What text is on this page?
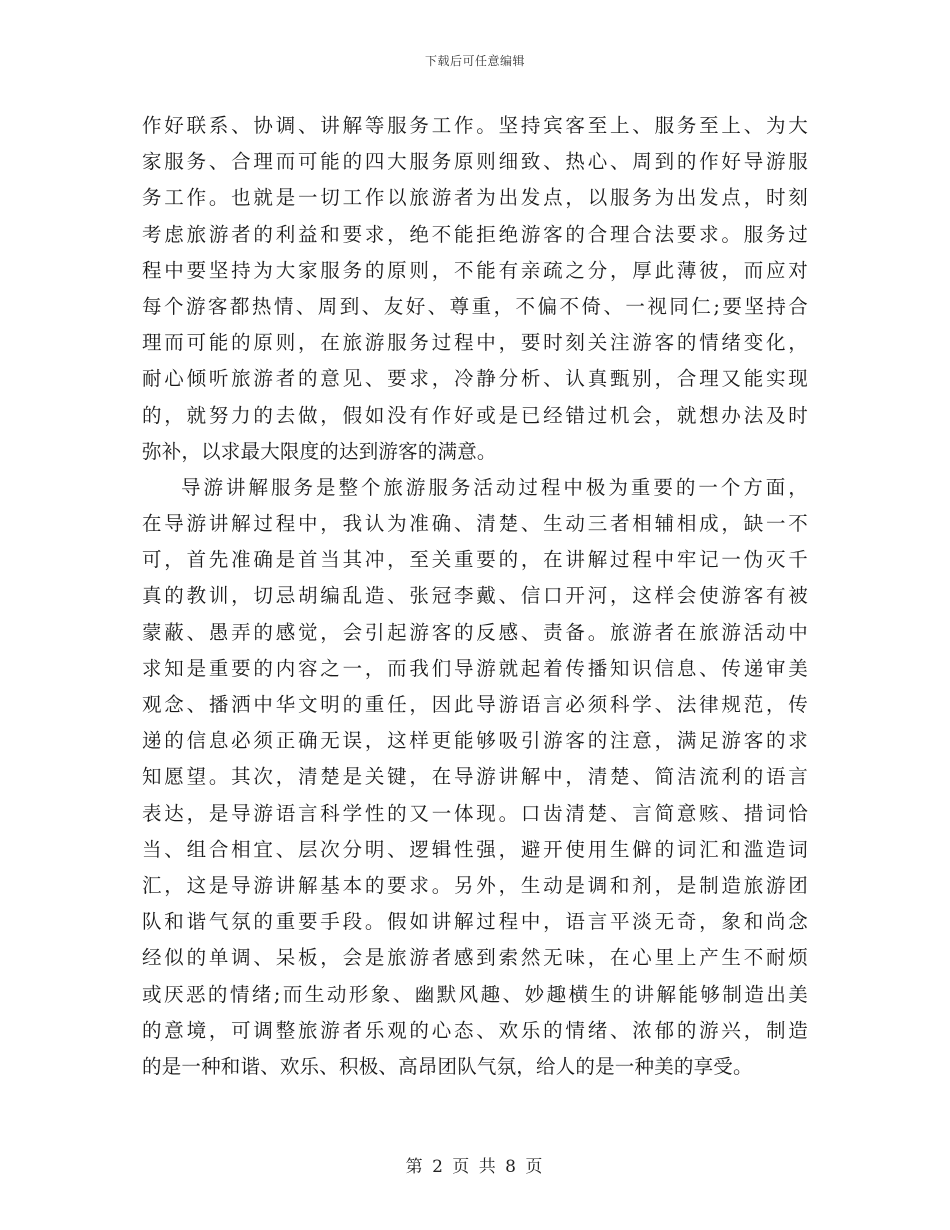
下载后可任意编辑
作好联系、协调、讲解等服务工作。坚持宾客至上、服务至上、为大
家服务、合理而可能的四大服务原则细致、热心、周到的作好导游服
务工作。也就是一切工作以旅游者为出发点，以服务为出发点，时刻
考虑旅游者的利益和要求，绝不能拒绝游客的合理合法要求。服务过
程中要坚持为大家服务的原则，不能有亲疏之分，厚此薄彼，而应对
每个游客都热情、周到、友好、尊重，不偏不倚、一视同仁;要坚持合
理而可能的原则，在旅游服务过程中，要时刻关注游客的情绪变化，
耐心倾听旅游者的意见、要求，冷静分析、认真甄别，合理又能实现
的，就努力的去做，假如没有作好或是已经错过机会，就想办法及时
弥补，以求最大限度的达到游客的满意。
导游讲解服务是整个旅游服务活动过程中极为重要的一个方面，
在导游讲解过程中，我认为准确、清楚、生动三者相辅相成，缺一不
可，首先准确是首当其冲，至关重要的，在讲解过程中牢记一伪灭千
真的教训，切忌胡编乱造、张冠李戴、信口开河，这样会使游客有被
蒙蔽、愚弄的感觉，会引起游客的反感、责备。旅游者在旅游活动中
求知是重要的内容之一，而我们导游就起着传播知识信息、传递审美
观念、播洒中华文明的重任，因此导游语言必须科学、法律规范，传
递的信息必须正确无误，这样更能够吸引游客的注意，满足游客的求
知愿望。其次，清楚是关键，在导游讲解中，清楚、简洁流利的语言
表达，是导游语言科学性的又一体现。口齿清楚、言简意赅、措词恰
当、组合相宜、层次分明、逻辑性强，避开使用生僻的词汇和滥造词
汇，这是导游讲解基本的要求。另外，生动是调和剂，是制造旅游团
队和谐气氛的重要手段。假如讲解过程中，语言平淡无奇，象和尚念
经似的单调、呆板，会是旅游者感到索然无味，在心里上产生不耐烦
或厌恶的情绪;而生动形象、幽默风趣、妙趣横生的讲解能够制造出美
的意境，可调整旅游者乐观的心态、欢乐的情绪、浓郁的游兴，制造
的是一种和谐、欢乐、积极、高昂团队气氛，给人的是一种美的享受。
第 2 页 共 8 页
